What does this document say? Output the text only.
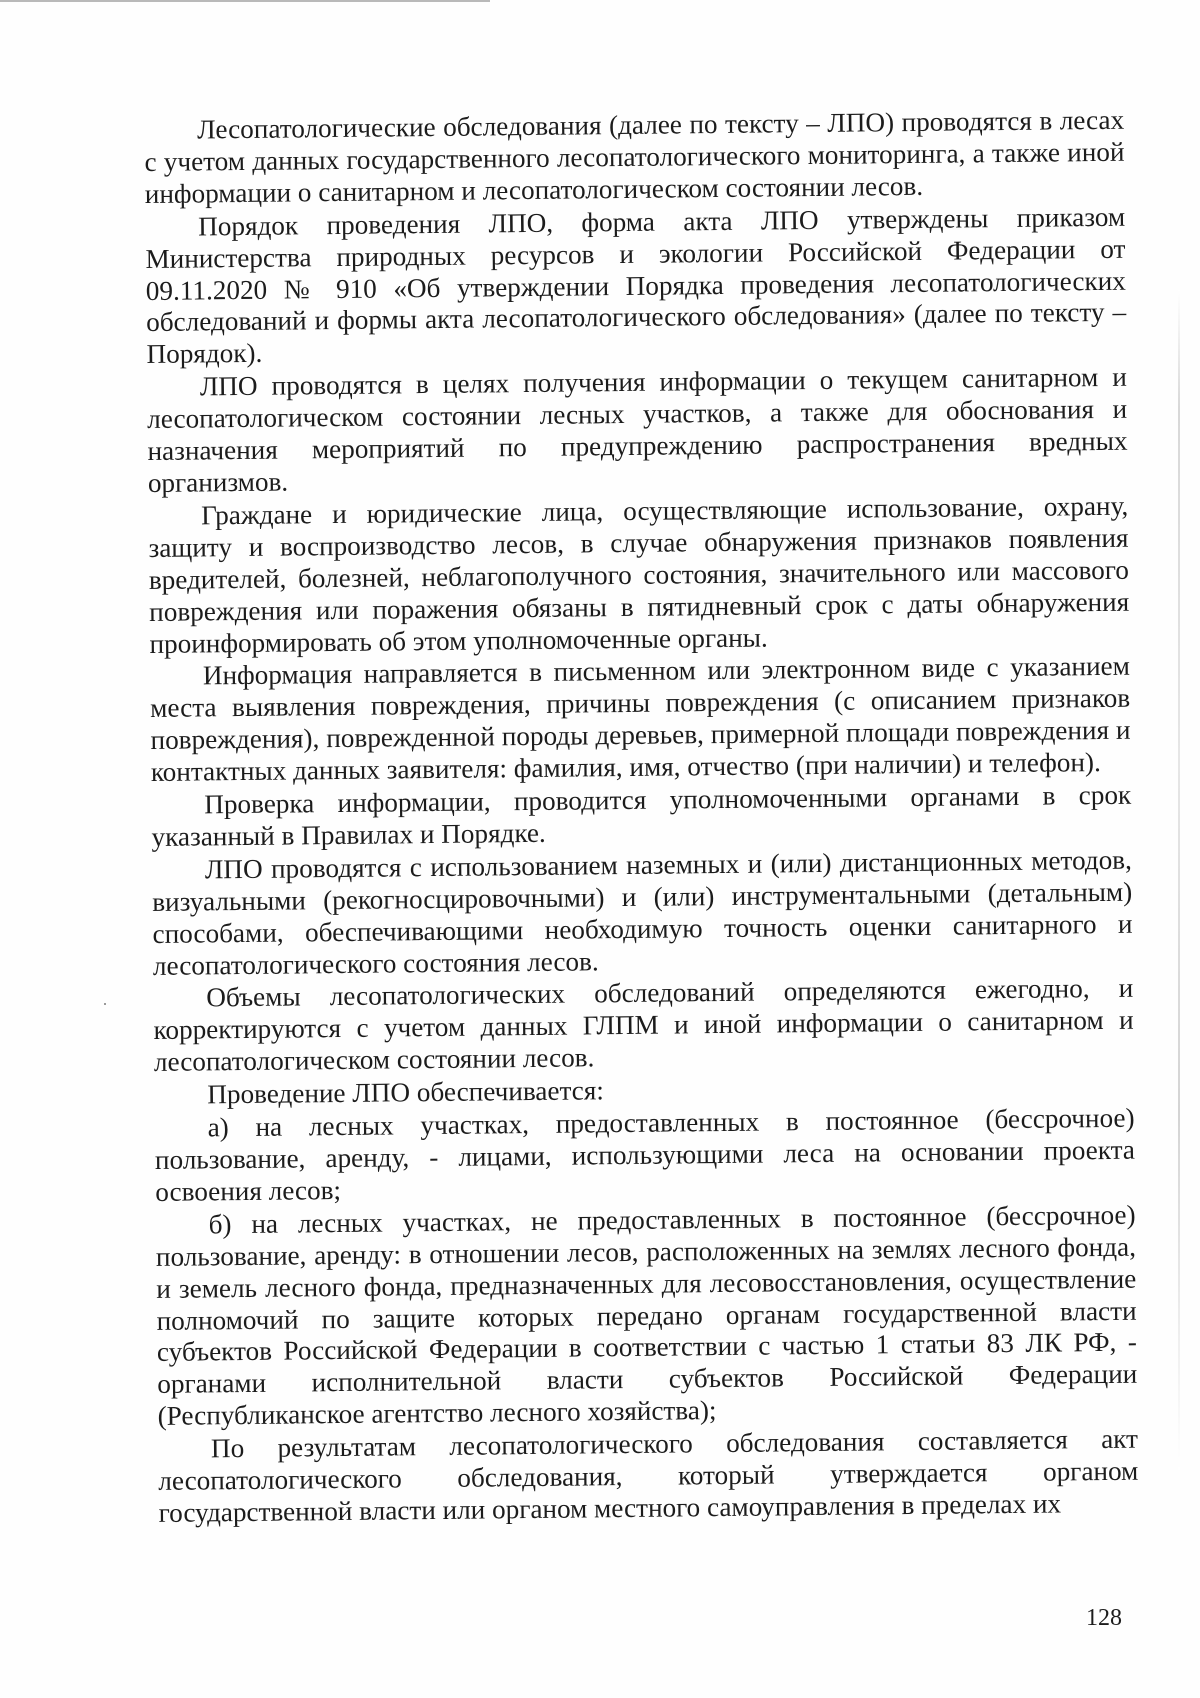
Лесопатологические обследования (далее по тексту – ЛПО) проводятся в лесах с учетом данных государственного лесопатологического мониторинга, а также иной информации о санитарном и лесопатологическом состоянии лесов.

Порядок проведения ЛПО, форма акта ЛПО утверждены приказом Министерства природных ресурсов и экологии Российской Федерации от 09.11.2020 № 910 «Об утверждении Порядка проведения лесопатологических обследований и формы акта лесопатологического обследования» (далее по тексту – Порядок).

ЛПО проводятся в целях получения информации о текущем санитарном и лесопатологическом состоянии лесных участков, а также для обоснования и назначения мероприятий по предупреждению распространения вредных организмов.

Граждане и юридические лица, осуществляющие использование, охрану, защиту и воспроизводство лесов, в случае обнаружения признаков появления вредителей, болезней, неблагополучного состояния, значительного или массового повреждения или поражения обязаны в пятидневный срок с даты обнаружения проинформировать об этом уполномоченные органы.

Информация направляется в письменном или электронном виде с указанием места выявления повреждения, причины повреждения (с описанием признаков повреждения), поврежденной породы деревьев, примерной площади повреждения и контактных данных заявителя: фамилия, имя, отчество (при наличии) и телефон).

Проверка информации, проводится уполномоченными органами в срок указанный в Правилах и Порядке.

ЛПО проводятся с использованием наземных и (или) дистанционных методов, визуальными (рекогносцировочными) и (или) инструментальными (детальным) способами, обеспечивающими необходимую точность оценки санитарного и лесопатологического состояния лесов.

Объемы лесопатологических обследований определяются ежегодно, и корректируются с учетом данных ГЛПМ и иной информации о санитарном и лесопатологическом состоянии лесов.

Проведение ЛПО обеспечивается:

а) на лесных участках, предоставленных в постоянное (бессрочное) пользование, аренду, - лицами, использующими леса на основании проекта освоения лесов;

б) на лесных участках, не предоставленных в постоянное (бессрочное) пользование, аренду: в отношении лесов, расположенных на землях лесного фонда, и земель лесного фонда, предназначенных для лесовосстановления, осуществление полномочий по защите которых передано органам государственной власти субъектов Российской Федерации в соответствии с частью 1 статьи 83 ЛК РФ, - органами исполнительной власти субъектов Российской Федерации (Республиканское агентство лесного хозяйства);

По результатам лесопатологического обследования составляется акт лесопатологического обследования, который утверждается органом государственной власти или органом местного самоуправления в пределах их

128
